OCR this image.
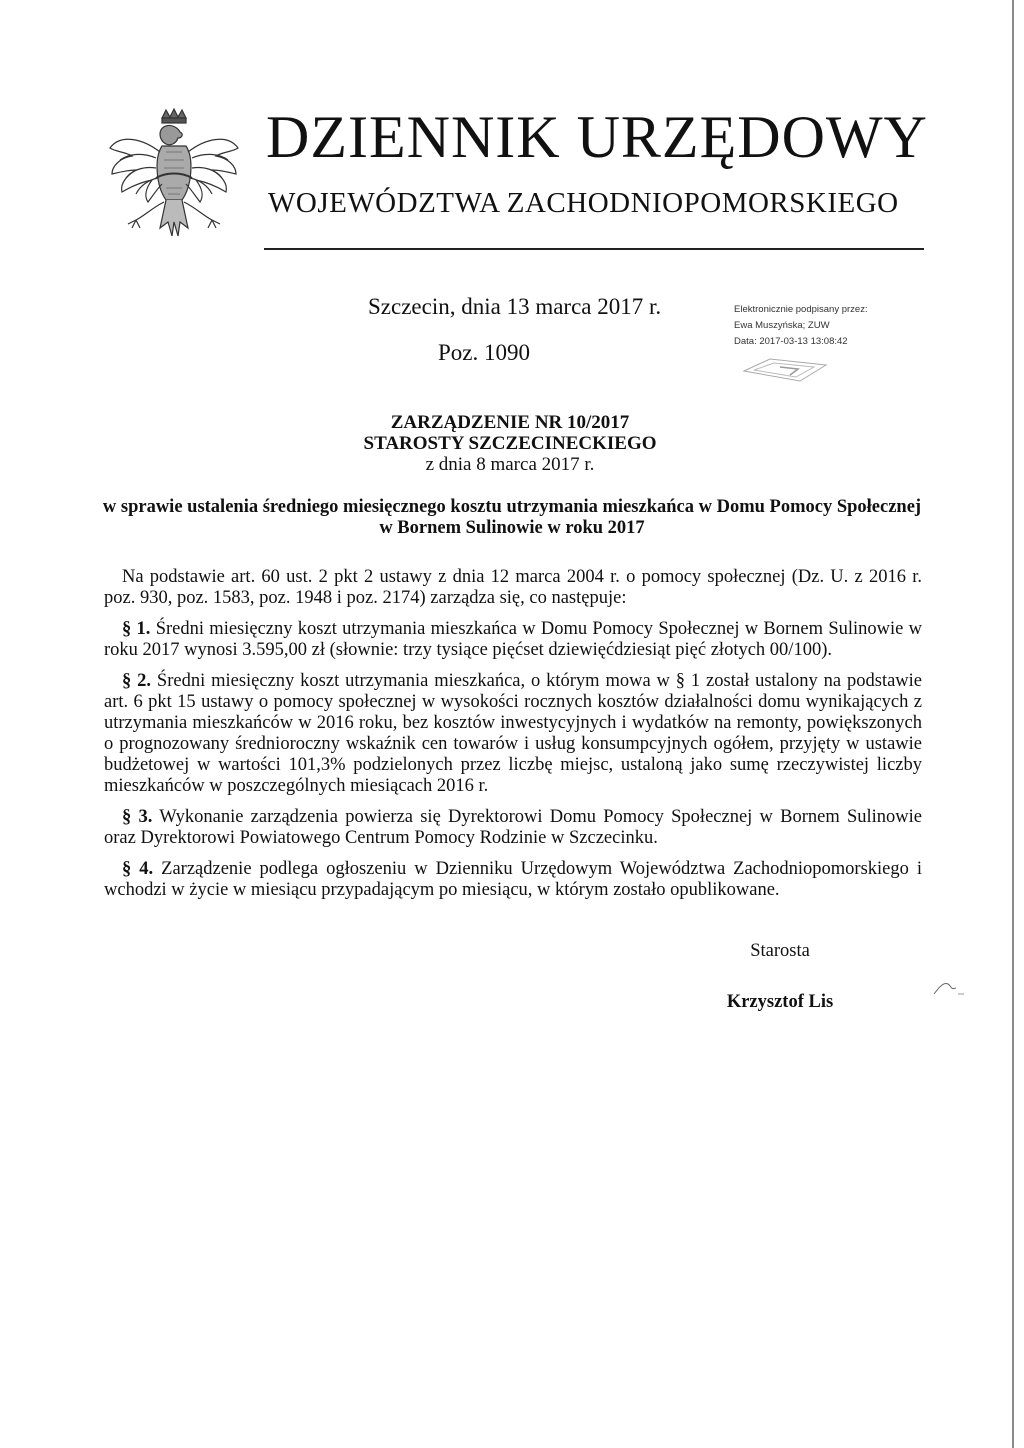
DZIENNIK URZĘDOWY
WOJEWÓDZTWA ZACHODNIOPOMORSKIEGO
Szczecin, dnia 13 marca 2017 r.
Poz. 1090
Elektronicznie podpisany przez:
Ewa Muszyńska; ZUW
Data: 2017-03-13 13:08:42
ZARZĄDZENIE NR 10/2017
STAROSTY SZCZECINECKIEGO
z dnia 8 marca 2017 r.
w sprawie ustalenia średniego miesięcznego kosztu utrzymania mieszkańca w Domu Pomocy Społecznej w Bornem Sulinowie w roku 2017

Na podstawie art. 60 ust. 2 pkt 2 ustawy z dnia 12 marca 2004 r. o pomocy społecznej (Dz. U. z 2016 r. poz. 930, poz. 1583, poz. 1948 i poz. 2174) zarządza się, co następuje:

§ 1. Średni miesięczny koszt utrzymania mieszkańca w Domu Pomocy Społecznej w Bornem Sulinowie w roku 2017 wynosi 3.595,00 zł (słownie: trzy tysiące pięćset dziewięćdziesiąt pięć złotych 00/100).

§ 2. Średni miesięczny koszt utrzymania mieszkańca, o którym mowa w § 1 został ustalony na podstawie art. 6 pkt 15 ustawy o pomocy społecznej w wysokości rocznych kosztów działalności domu wynikających z utrzymania mieszkańców w 2016 roku, bez kosztów inwestycyjnych i wydatków na remonty, powiększonych o prognozowany średnioroczny wskaźnik cen towarów i usług konsumpcyjnych ogółem, przyjęty w ustawie budżetowej w wartości 101,3% podzielonych przez liczbę miejsc, ustaloną jako sumę rzeczywistej liczby mieszkańców w poszczególnych miesiącach 2016 r.

§ 3. Wykonanie zarządzenia powierza się Dyrektorowi Domu Pomocy Społecznej w Bornem Sulinowie oraz Dyrektorowi Powiatowego Centrum Pomocy Rodzinie w Szczecinku.

§ 4. Zarządzenie podlega ogłoszeniu w Dzienniku Urzędowym Województwa Zachodniopomorskiego i wchodzi w życie w miesiącu przypadającym po miesiącu, w którym zostało opublikowane.

Starosta
Krzysztof Lis
